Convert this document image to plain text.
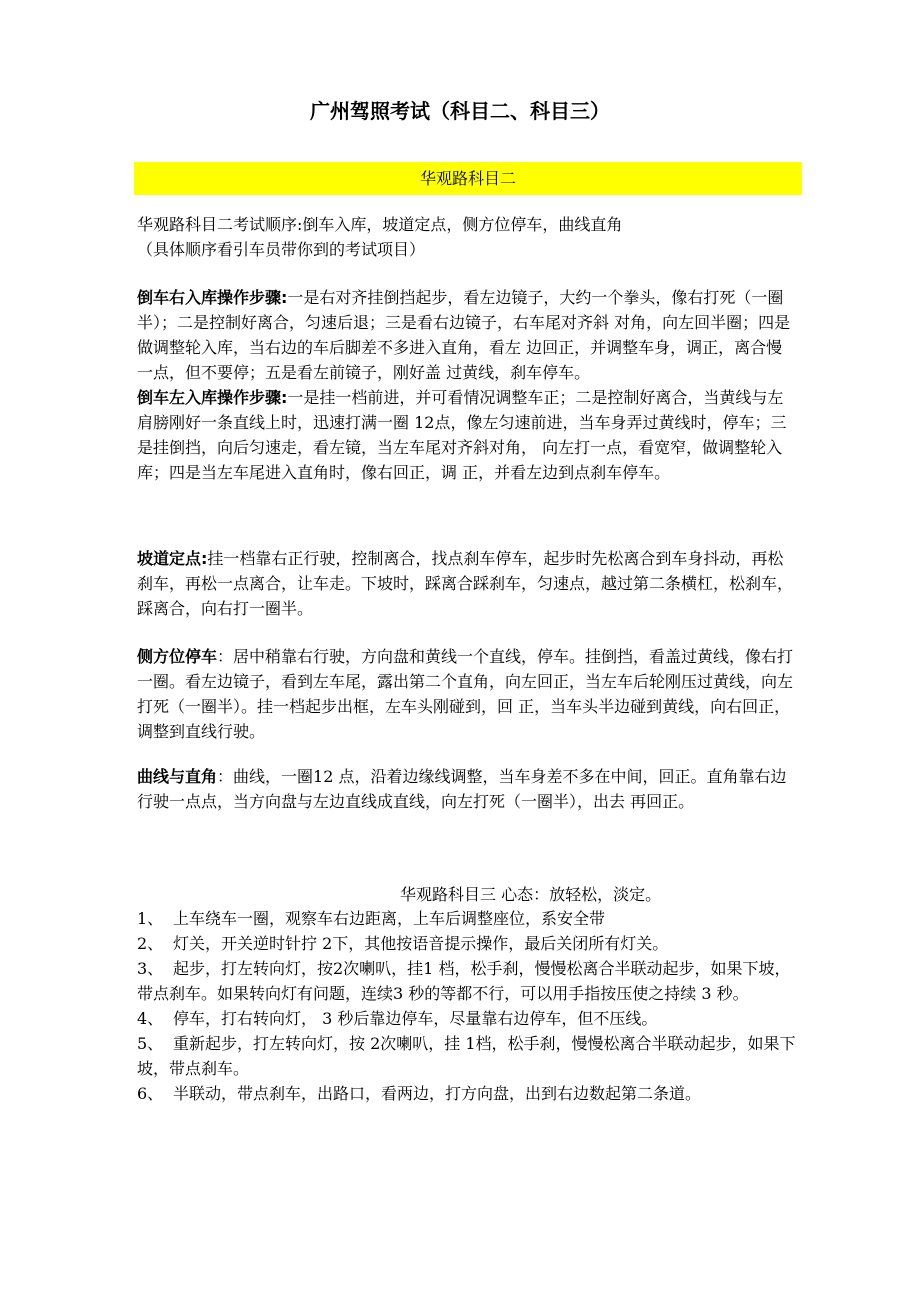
广州驾照考试（科目二、科目三）
华观路科目二

华观路科目二考试顺序:倒车入库，坡道定点，侧方位停车，曲线直角

（具体顺序看引车员带你到的考试项目）

倒车右入库操作步骤:一是右对齐挂倒挡起步，看左边镜子，大约一个拳头，像右打死（一圈半）；二是控制好离合，匀速后退；三是看右边镜子，右车尾对齐斜 对角，向左回半圈；四是做调整轮入库，当右边的车后脚差不多进入直角，看左 边回正，并调整车身，调正，离合慢一点，但不要停；五是看左前镜子，刚好盖 过黄线，刹车停车。

倒车左入库操作步骤:一是挂一档前进，并可看情况调整车正；二是控制好离合，当黄线与左肩膀刚好一条直线上时，迅速打满一圈 12点，像左匀速前进，当车身弄过黄线时，停车；三是挂倒挡，向后匀速走，看左镜，当左车尾对齐斜对角， 向左打一点，看宽窄，做调整轮入库；四是当左车尾进入直角时，像右回正，调 正，并看左边到点刹车停车。

坡道定点:挂一档靠右正行驶，控制离合，找点刹车停车，起步时先松离合到车身抖动，再松刹车，再松一点离合，让车走。下坡时，踩离合踩刹车，匀速点，越过第二条横杠，松刹车，踩离合，向右打一圈半。

侧方位停车：居中稍靠右行驶，方向盘和黄线一个直线，停车。挂倒挡，看盖过黄线，像右打一圈。看左边镜子，看到左车尾，露出第二个直角，向左回正，当左车后轮刚压过黄线，向左打死（一圈半）。挂一档起步出框，左车头刚碰到，回 正，当车头半边碰到黄线，向右回正，调整到直线行驶。

曲线与直角：曲线，一圈12 点，沿着边缘线调整，当车身差不多在中间，回正。直角靠右边行驶一点点，当方向盘与左边直线成直线，向左打死（一圈半），出去 再回正。

华观路科目三 心态：放轻松，淡定。

1、 上车绕车一圈，观察车右边距离，上车后调整座位，系安全带

2、 灯关，开关逆时针拧 2下，其他按语音提示操作，最后关闭所有灯关。

3、 起步，打左转向灯，按2次喇叭，挂1 档，松手刹，慢慢松离合半联动起步，如果下坡，带点刹车。如果转向灯有问题，连续3 秒的等都不行，可以用手指按压使之持续 3 秒。

4、 停车，打右转向灯， 3 秒后靠边停车，尽量靠右边停车，但不压线。

5、 重新起步，打左转向灯，按 2次喇叭，挂 1档，松手刹，慢慢松离合半联动起步，如果下坡，带点刹车。

6、 半联动，带点刹车，出路口，看两边，打方向盘，出到右边数起第二条道。
